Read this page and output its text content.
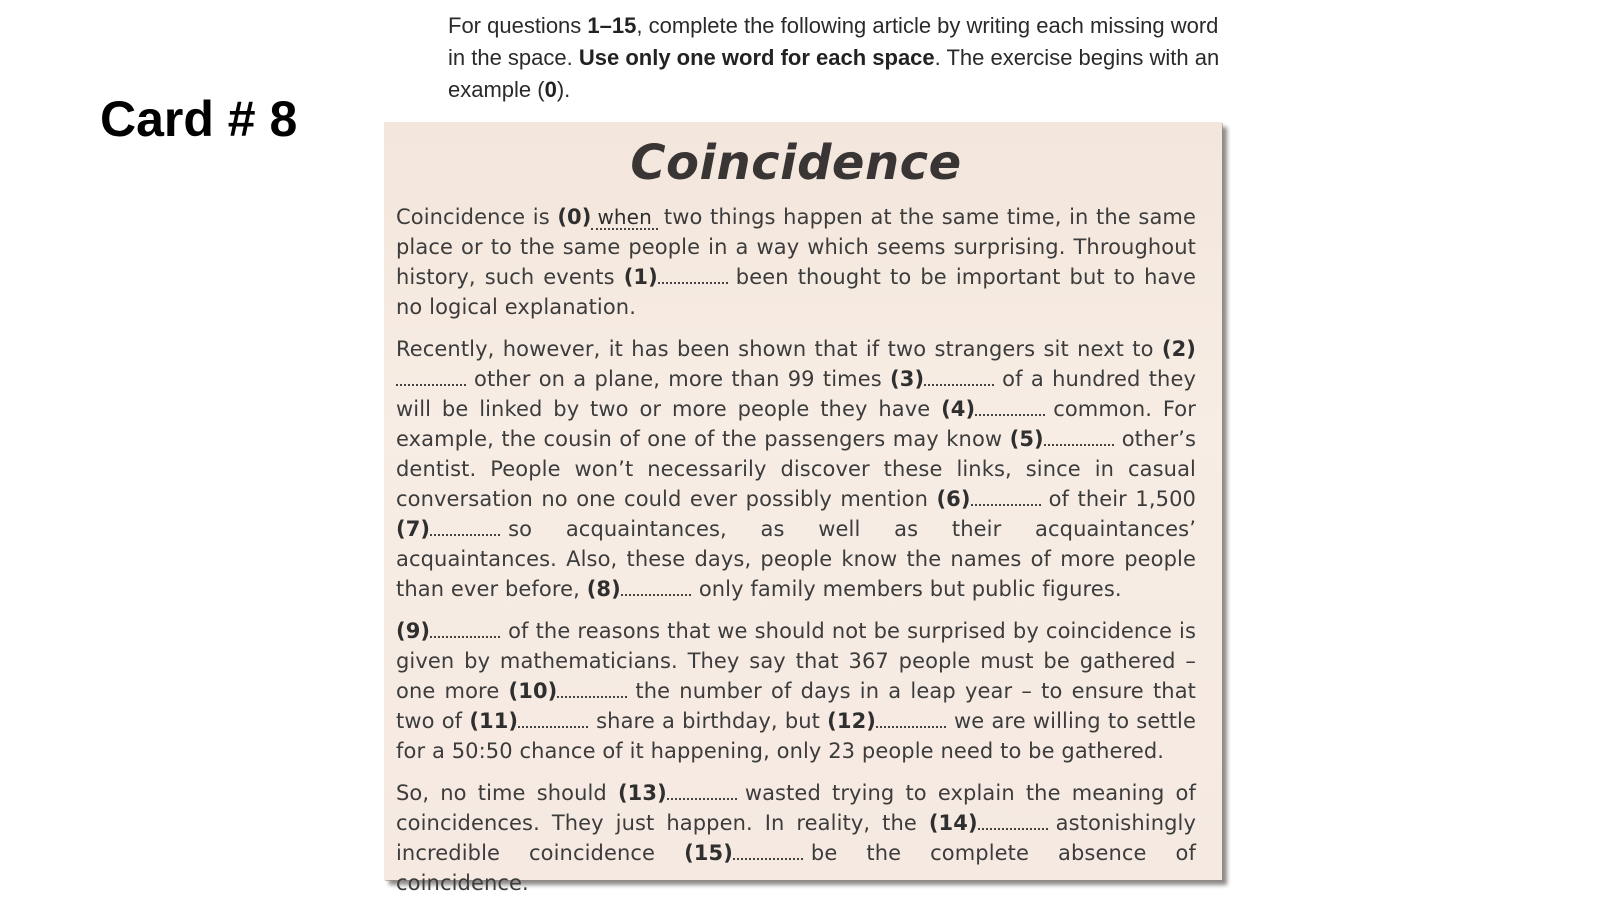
Card # 8
For questions 1–15, complete the following article by writing each missing word in the space. Use only one word for each space. The exercise begins with an example (0).
Coincidence

Coincidence is (0) when two things happen at the same time, in the same place or to the same people in a way which seems surprising. Throughout history, such events (1)	been thought to be important but to have no logical explanation.

Recently, however, it has been shown that if two strangers sit next to (2)other on a plane, more than 99 times (3)	of a hundred they will be linked by two or more people they have (4)	common. For example, the cousin of one of the passengers may know (5)	other’s dentist. People won’t necessarily discover these links, since in casual conversation no one could ever possibly mention (6)	of their 1,500 (7)	so acquaintances, as well as their acquaintances’ acquaintances. Also, these days, people know the names of more people than ever before, (8)	only family members but public figures.

(9)	of the reasons that we should not be surprised by coincidence is given by mathematicians. They say that 367 people must be gathered – one more (10)	the number of days in a leap year – to ensure that two of (11)	share a birthday, but (12)	we are willing to settle for a 50:50 chance of it happening, only 23 people need to be gathered.

So, no time should (13)	wasted trying to explain the meaning of coincidences. They just happen. In reality, the (14)	astonishingly incredible coincidence (15)	be the complete absence of coincidence.
